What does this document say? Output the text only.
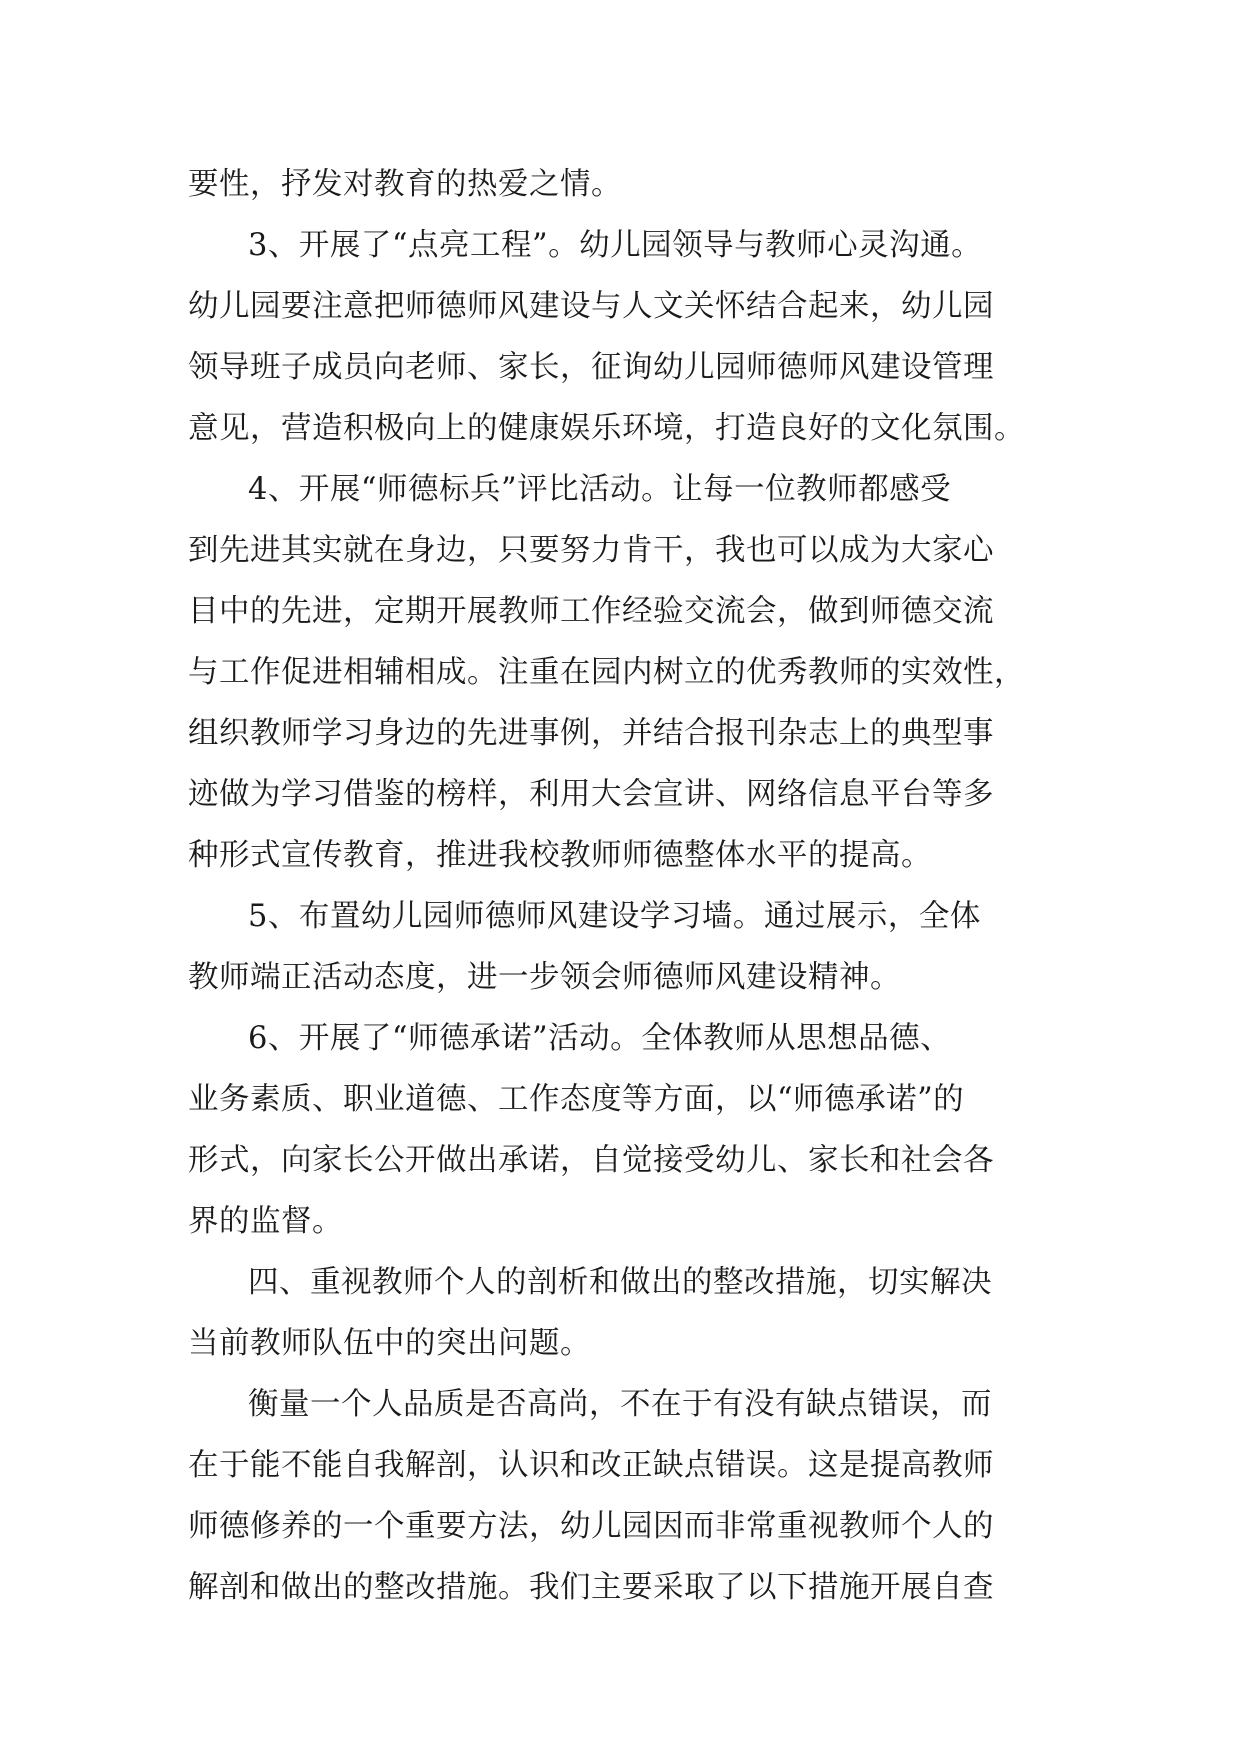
要性，抒发对教育的热爱之情。
3、开展了“点亮工程”。幼儿园领导与教师心灵沟通。
幼儿园要注意把师德师风建设与人文关怀结合起来，幼儿园
领导班子成员向老师、家长，征询幼儿园师德师风建设管理
意见，营造积极向上的健康娱乐环境，打造良好的文化氛围。
4、开展“师德标兵”评比活动。让每一位教师都感受
到先进其实就在身边，只要努力肯干，我也可以成为大家心
目中的先进，定期开展教师工作经验交流会，做到师德交流
与工作促进相辅相成。注重在园内树立的优秀教师的实效性，
组织教师学习身边的先进事例，并结合报刊杂志上的典型事
迹做为学习借鉴的榜样，利用大会宣讲、网络信息平台等多
种形式宣传教育，推进我校教师师德整体水平的提高。
5、布置幼儿园师德师风建设学习墙。通过展示，全体
教师端正活动态度，进一步领会师德师风建设精神。
6、开展了“师德承诺”活动。全体教师从思想品德、
业务素质、职业道德、工作态度等方面，以“师德承诺”的
形式，向家长公开做出承诺，自觉接受幼儿、家长和社会各
界的监督。
四、重视教师个人的剖析和做出的整改措施，切实解决
当前教师队伍中的突出问题。
衡量一个人品质是否高尚，不在于有没有缺点错误，而
在于能不能自我解剖，认识和改正缺点错误。这是提高教师
师德修养的一个重要方法，幼儿园因而非常重视教师个人的
解剖和做出的整改措施。我们主要采取了以下措施开展自查
